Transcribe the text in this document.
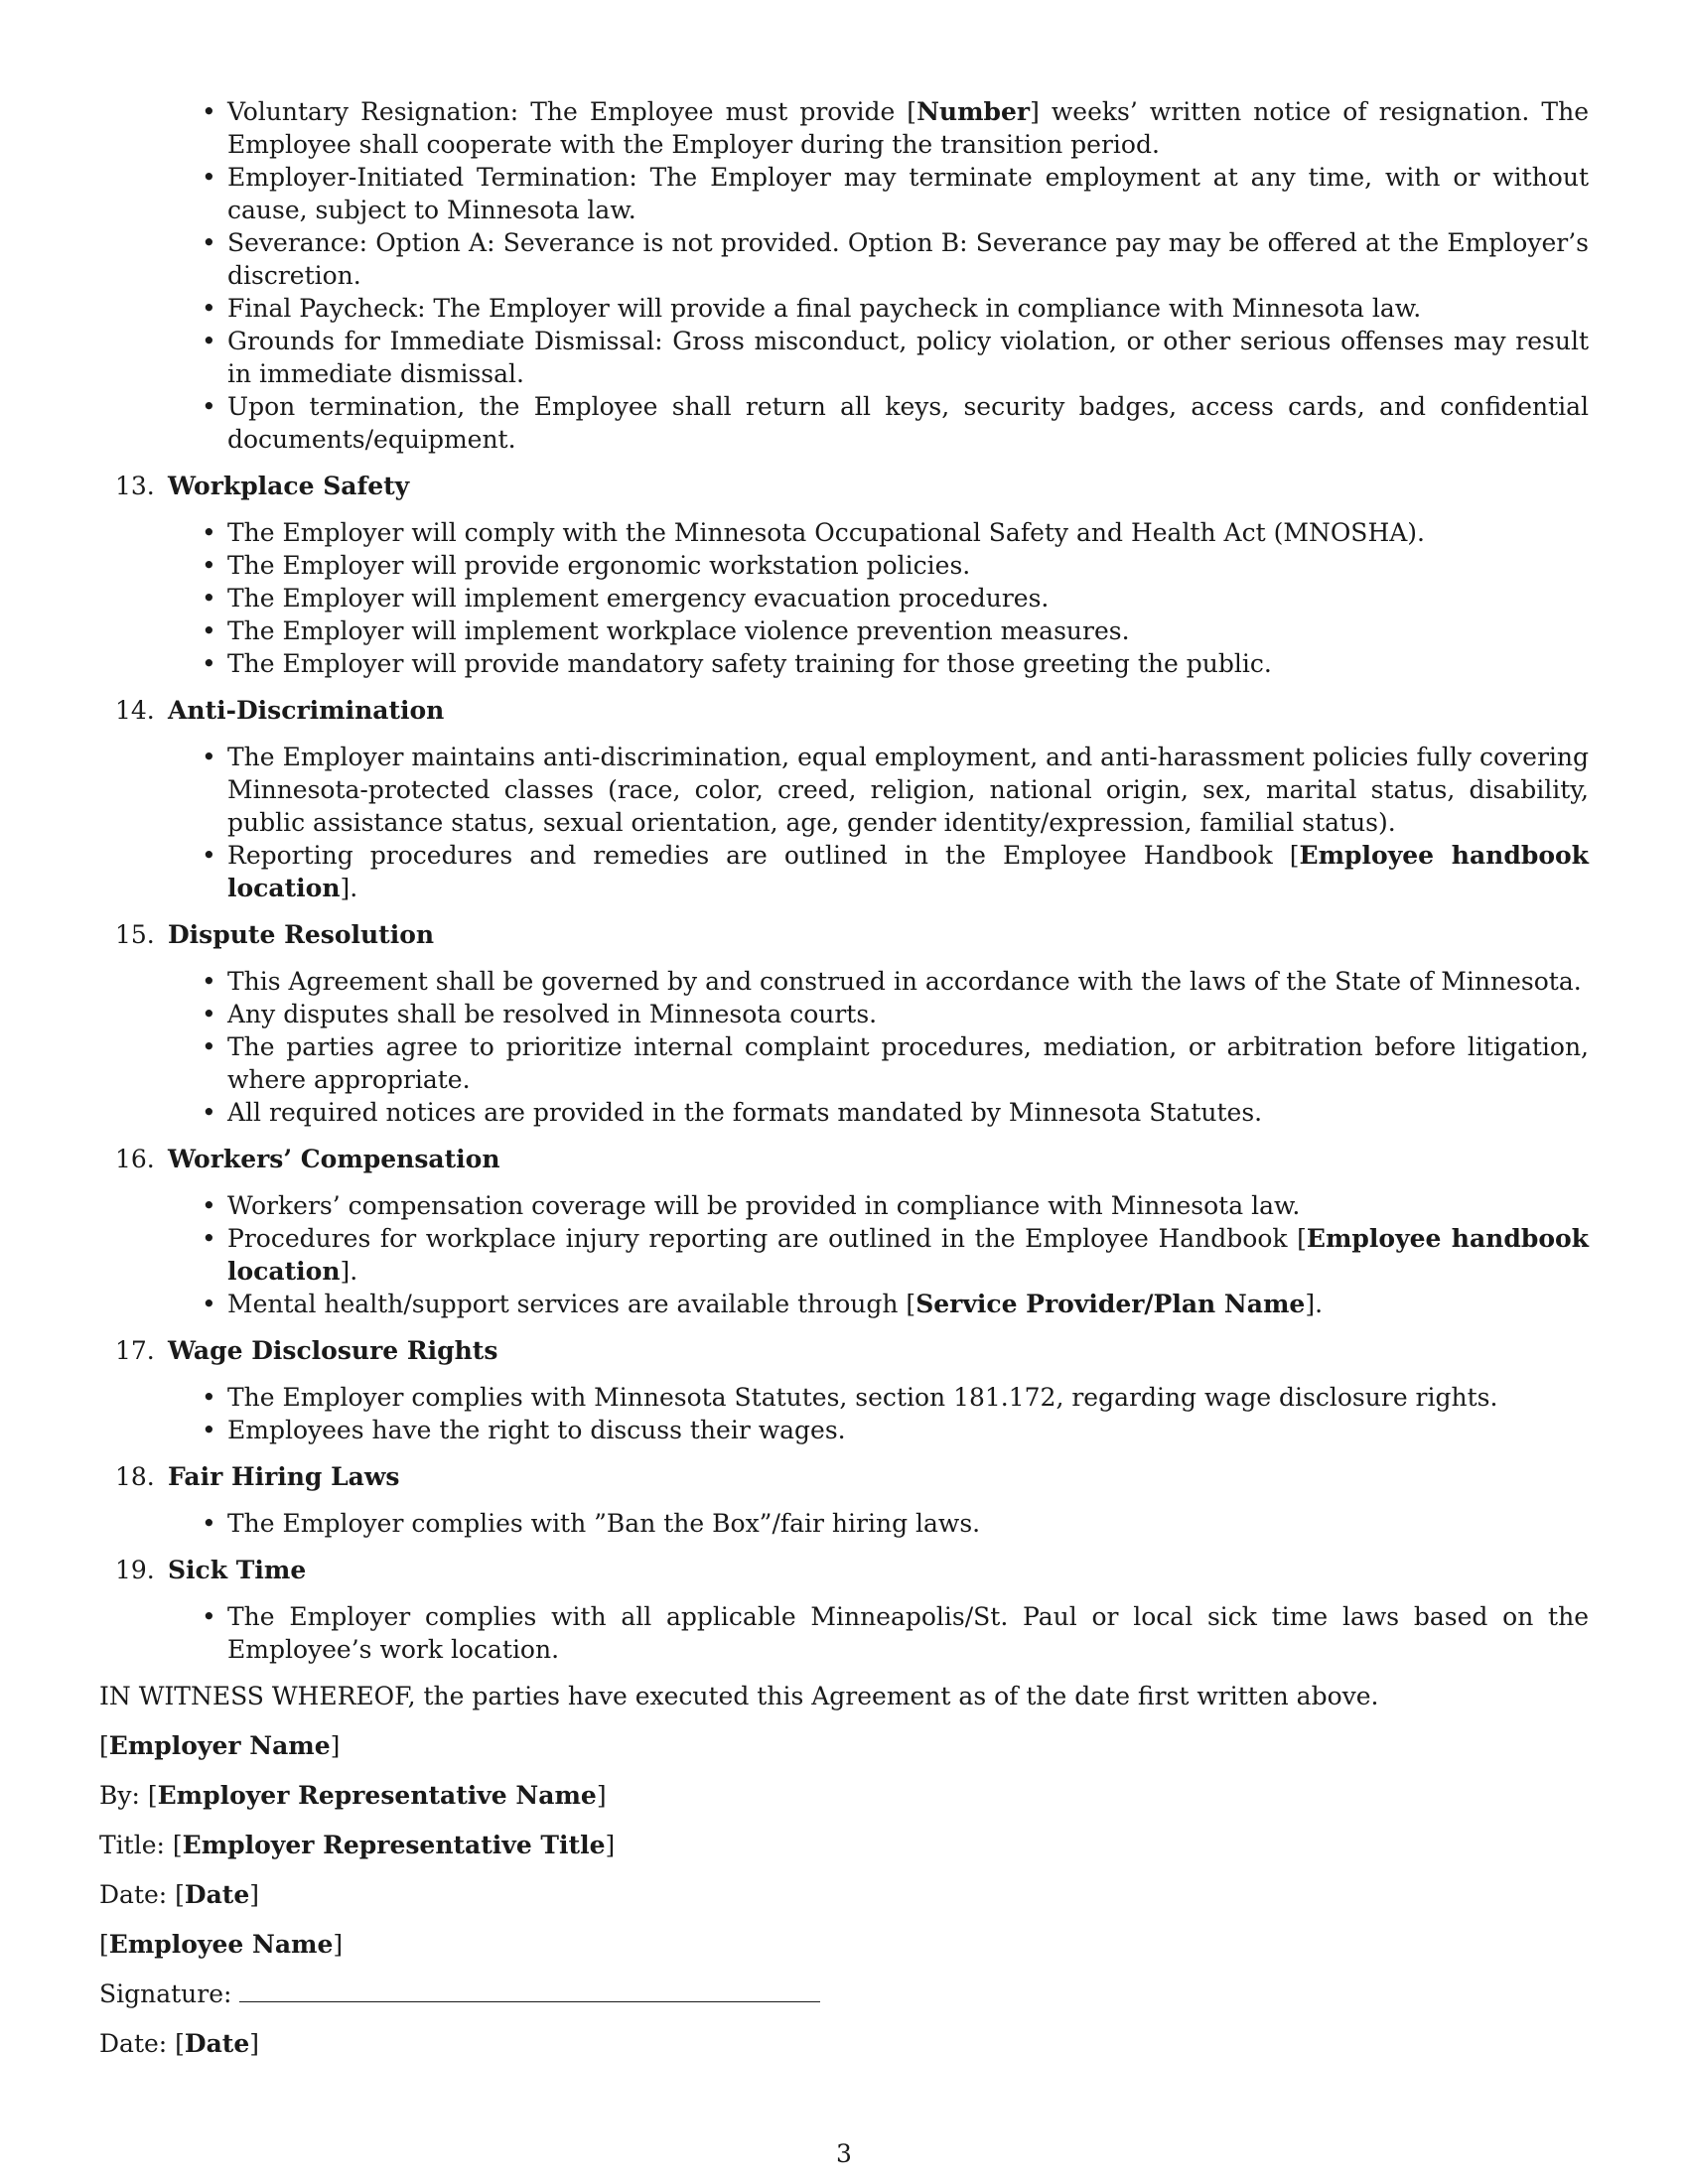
• Voluntary Resignation: The Employee must provide [Number] weeks’ written notice of resignation. The Employee shall cooperate with the Employer during the transition period.
• Employer-Initiated Termination: The Employer may terminate employment at any time, with or without cause, subject to Minnesota law.
• Severance: Option A: Severance is not provided. Option B: Severance pay may be offered at the Employer’s discretion.
• Final Paycheck: The Employer will provide a final paycheck in compliance with Minnesota law.
• Grounds for Immediate Dismissal: Gross misconduct, policy violation, or other serious offenses may result in immediate dismissal.
• Upon termination, the Employee shall return all keys, security badges, access cards, and confidential documents/equipment.
13. Workplace Safety
• The Employer will comply with the Minnesota Occupational Safety and Health Act (MNOSHA).
• The Employer will provide ergonomic workstation policies.
• The Employer will implement emergency evacuation procedures.
• The Employer will implement workplace violence prevention measures.
• The Employer will provide mandatory safety training for those greeting the public.
14. Anti-Discrimination
• The Employer maintains anti-discrimination, equal employment, and anti-harassment policies fully covering Minnesota-protected classes (race, color, creed, religion, national origin, sex, marital status, disability, public assistance status, sexual orientation, age, gender identity/expression, familial status).
• Reporting procedures and remedies are outlined in the Employee Handbook [Employee handbook location].
15. Dispute Resolution
• This Agreement shall be governed by and construed in accordance with the laws of the State of Minnesota.
• Any disputes shall be resolved in Minnesota courts.
• The parties agree to prioritize internal complaint procedures, mediation, or arbitration before litigation, where appropriate.
• All required notices are provided in the formats mandated by Minnesota Statutes.
16. Workers’ Compensation
• Workers’ compensation coverage will be provided in compliance with Minnesota law.
• Procedures for workplace injury reporting are outlined in the Employee Handbook [Employee handbook location].
• Mental health/support services are available through [Service Provider/Plan Name].
17. Wage Disclosure Rights
• The Employer complies with Minnesota Statutes, section 181.172, regarding wage disclosure rights.
• Employees have the right to discuss their wages.
18. Fair Hiring Laws
• The Employer complies with ”Ban the Box”/fair hiring laws.
19. Sick Time
• The Employer complies with all applicable Minneapolis/St. Paul or local sick time laws based on the Employee’s work location.
IN WITNESS WHEREOF, the parties have executed this Agreement as of the date first written above.
[Employer Name]
By: [Employer Representative Name]
Title: [Employer Representative Title]
Date: [Date]
[Employee Name]
Signature:
Date: [Date]
3
